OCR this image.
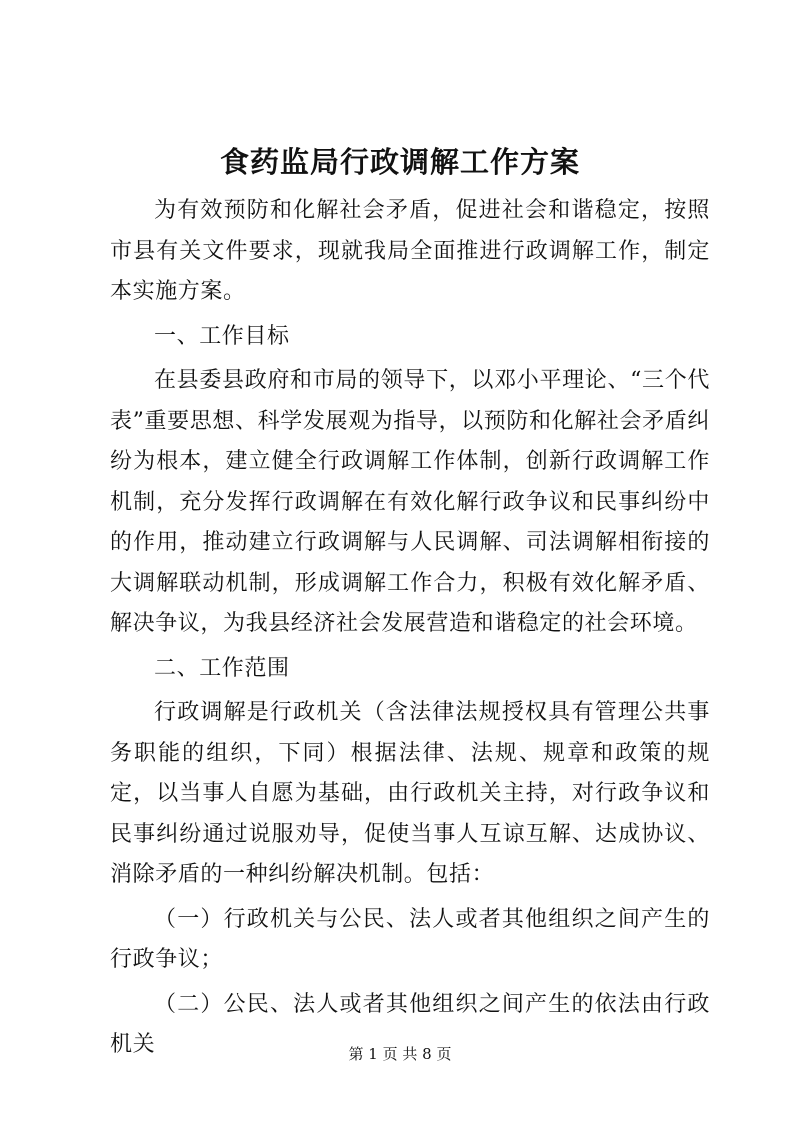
食药监局行政调解工作方案

为有效预防和化解社会矛盾，促进社会和谐稳定，按照市县有关文件要求，现就我局全面推进行政调解工作，制定本实施方案。

一、工作目标

在县委县政府和市局的领导下，以邓小平理论、“三个代表”重要思想、科学发展观为指导，以预防和化解社会矛盾纠纷为根本，建立健全行政调解工作体制，创新行政调解工作机制，充分发挥行政调解在有效化解行政争议和民事纠纷中的作用，推动建立行政调解与人民调解、司法调解相衔接的大调解联动机制，形成调解工作合力，积极有效化解矛盾、解决争议，为我县经济社会发展营造和谐稳定的社会环境。

二、工作范围

行政调解是行政机关（含法律法规授权具有管理公共事务职能的组织，下同）根据法律、法规、规章和政策的规定，以当事人自愿为基础，由行政机关主持，对行政争议和民事纠纷通过说服劝导，促使当事人互谅互解、达成协议、消除矛盾的一种纠纷解决机制。包括：

（一）行政机关与公民、法人或者其他组织之间产生的行政争议；

（二）公民、法人或者其他组织之间产生的依法由行政机关	第 1 页 共 8 页
